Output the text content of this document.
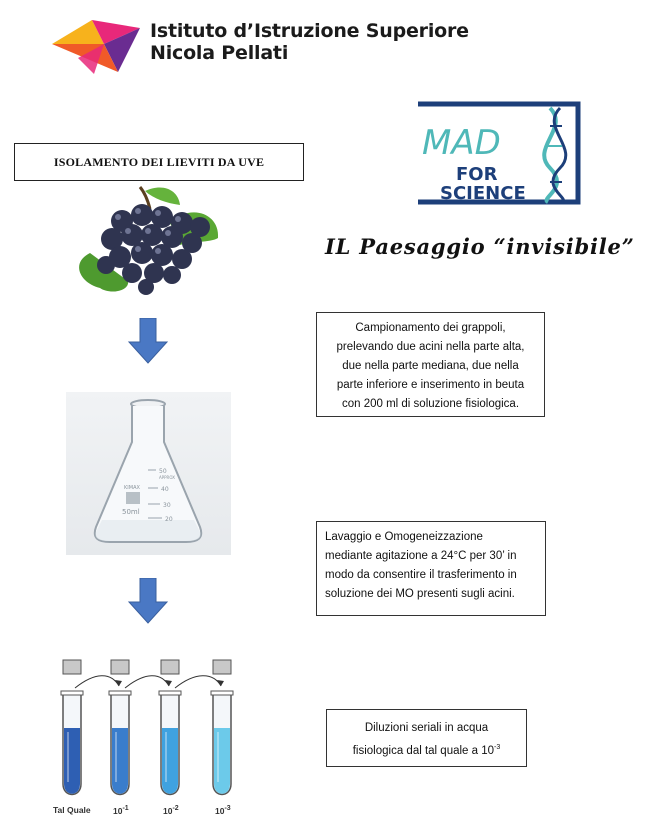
Istituto d’Istruzione Superiore
Nicola Pellati
ISOLAMENTO DEI LIEVITI DA UVE	MAD
FOR
SCIENCE
IL Paesaggio “invisibile”
50
APPROX
40
30
20
KIMAX
50ml
Campionamento dei grappoli,
prelevando due acini nella parte alta,
due nella parte mediana, due nella
parte inferiore e inserimento in beuta
con 200 ml di soluzione fisiologica.
Lavaggio e Omogeneizzazione
mediante agitazione a 24°C per 30’ in
modo da consentire il trasferimento in
soluzione dei MO presenti sugli acini.
Diluzioni seriali in acqua
fisiologica dal tal quale a $10^{-3}$
Tal Quale	$10^{-1}$	$10^{-2}$	$10^{-3}$
